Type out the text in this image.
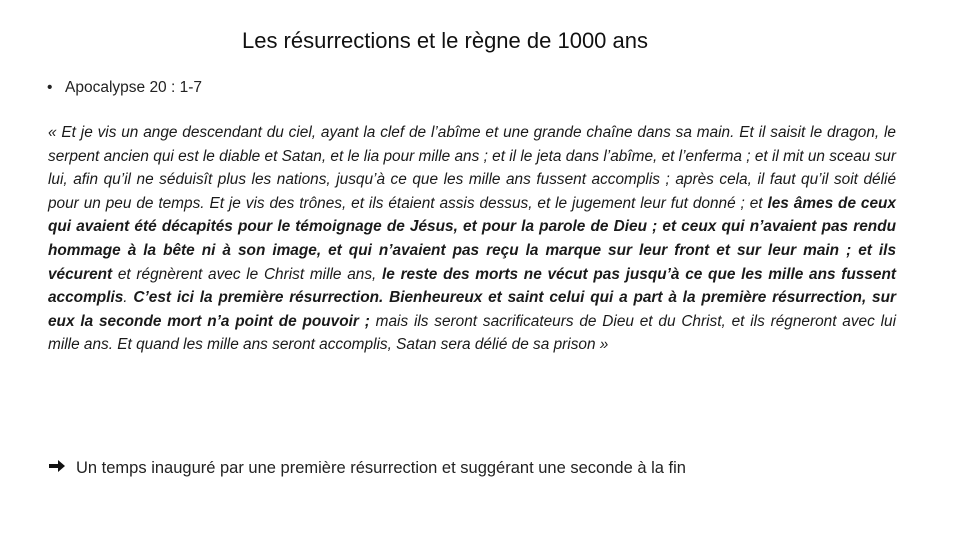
Les résurrections et le règne de 1000 ans
• Apocalypse 20 : 1-7
« Et je vis un ange descendant du ciel, ayant la clef de l’abîme et une grande chaîne dans sa main. Et il saisit le dragon, le serpent ancien qui est le diable et Satan, et le lia pour mille ans ; et il le jeta dans l’abîme, et l’enferma ; et il mit un sceau sur lui, afin qu’il ne séduisît plus les nations, jusqu’à ce que les mille ans fussent accomplis ; après cela, il faut qu’il soit délié pour un peu de temps. Et je vis des trônes, et ils étaient assis dessus, et le jugement leur fut donné ; et les âmes de ceux qui avaient été décapités pour le témoignage de Jésus, et pour la parole de Dieu ; et ceux qui n’avaient pas rendu hommage à la bête ni à son image, et qui n’avaient pas reçu la marque sur leur front et sur leur main ; et ils vécurent et régnèrent avec le Christ mille ans, le reste des morts ne vécut pas jusqu’à ce que les mille ans fussent accomplis. C’est ici la première résurrection. Bienheureux et saint celui qui a part à la première résurrection, sur eux la seconde mort n’a point de pouvoir ; mais ils seront sacrificateurs de Dieu et du Christ, et ils régneront avec lui mille ans. Et quand les mille ans seront accomplis, Satan sera délié de sa prison »
Un temps inauguré par une première résurrection et suggérant une seconde à la fin
